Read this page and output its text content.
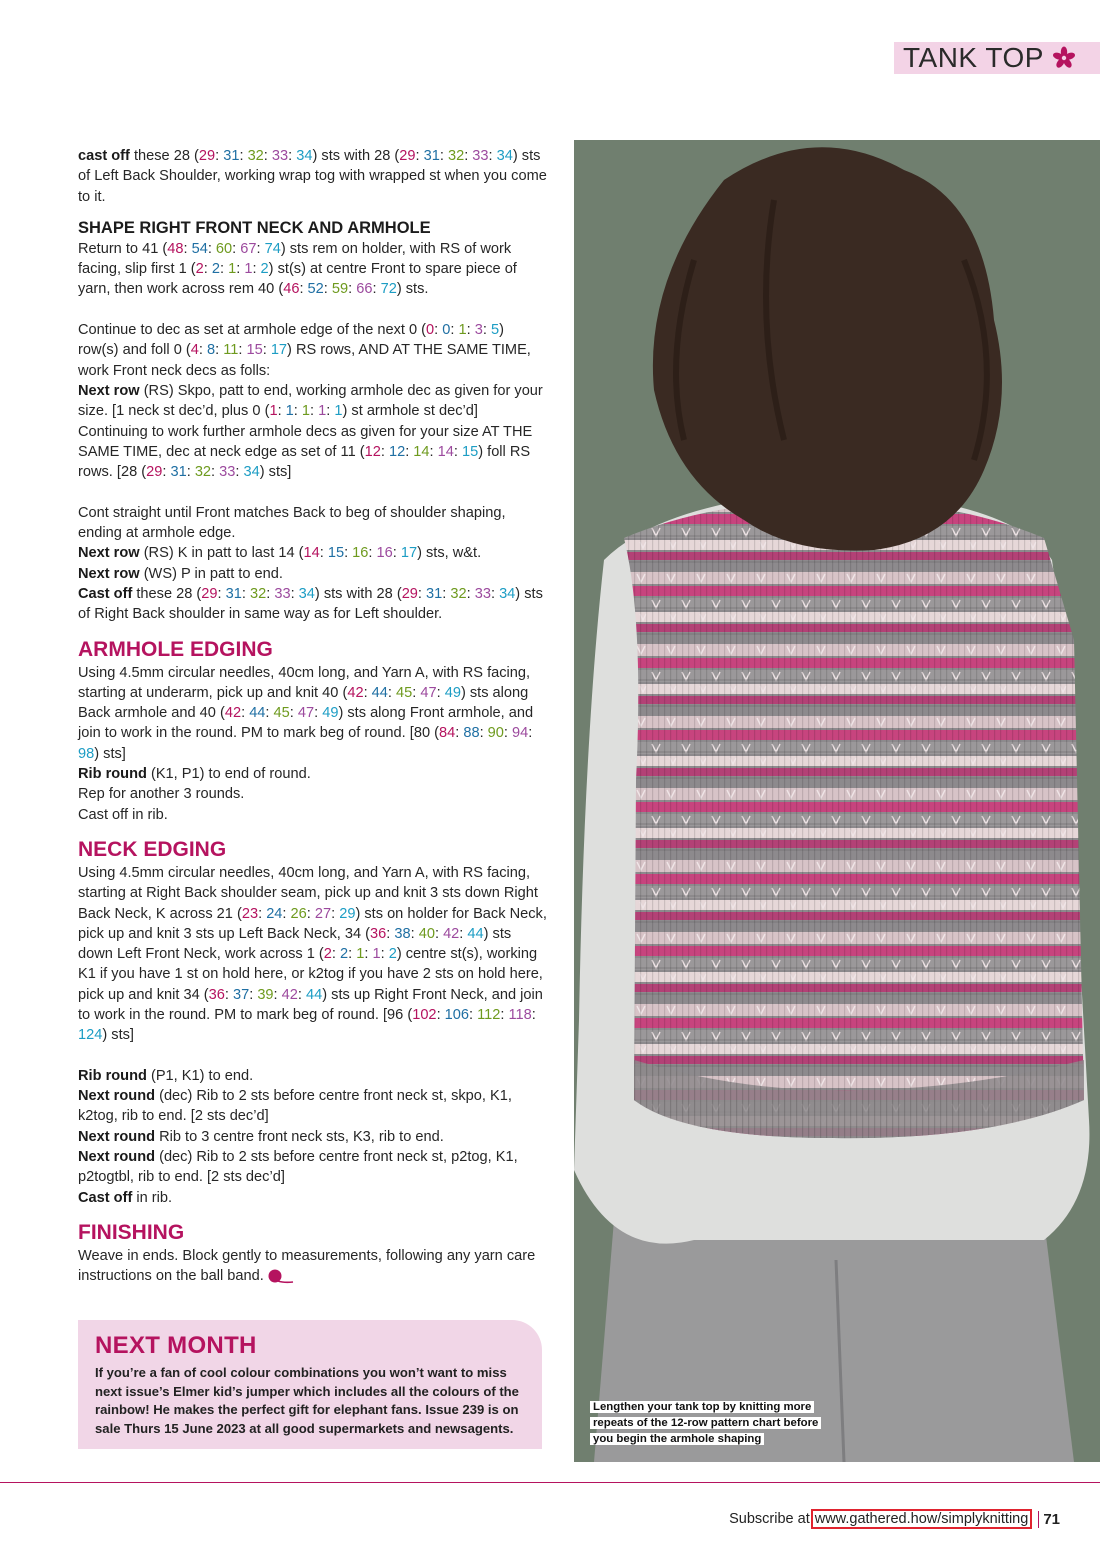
TANK TOP

cast off these 28 (29: 31: 32: 33: 34) sts with 28 (29: 31: 32: 33: 34) sts of Left Back Shoulder, working wrap tog with wrapped st when you come to it.

SHAPE RIGHT FRONT NECK AND ARMHOLE

Return to 41 (48: 54: 60: 67: 74) sts rem on holder, with RS of work facing, slip first 1 (2: 2: 1: 1: 2) st(s) at centre Front to spare piece of yarn, then work across rem 40 (46: 52: 59: 66: 72) sts.

Continue to dec as set at armhole edge of the next 0 (0: 0: 1: 3: 5) row(s) and foll 0 (4: 8: 11: 15: 17) RS rows, AND AT THE SAME TIME, work Front neck decs as folls:

Next row (RS) Skpo, patt to end, working armhole dec as given for your size. [1 neck st dec’d, plus 0 (1: 1: 1: 1: 1) st armhole st dec’d]

Continuing to work further armhole decs as given for your size AT THE SAME TIME, dec at neck edge as set of 11 (12: 12: 14: 14: 15) foll RS rows. [28 (29: 31: 32: 33: 34) sts]

Cont straight until Front matches Back to beg of shoulder shaping, ending at armhole edge.

Next row (RS) K in patt to last 14 (14: 15: 16: 16: 17) sts, w&t.

Next row (WS) P in patt to end.

Cast off these 28 (29: 31: 32: 33: 34) sts with 28 (29: 31: 32: 33: 34) sts of Right Back shoulder in same way as for Left shoulder.

ARMHOLE EDGING

Using 4.5mm circular needles, 40cm long, and Yarn A, with RS facing, starting at underarm, pick up and knit 40 (42: 44: 45: 47: 49) sts along Back armhole and 40 (42: 44: 45: 47: 49) sts along Front armhole, and join to work in the round. PM to mark beg of round. [80 (84: 88: 90: 94: 98) sts]

Rib round (K1, P1) to end of round.

Rep for another 3 rounds.

Cast off in rib.

NECK EDGING

Using 4.5mm circular needles, 40cm long, and Yarn A, with RS facing, starting at Right Back shoulder seam, pick up and knit 3 sts down Right Back Neck, K across 21 (23: 24: 26: 27: 29) sts on holder for Back Neck, pick up and knit 3 sts up Left Back Neck, 34 (36: 38: 40: 42: 44) sts down Left Front Neck, work across 1 (2: 2: 1: 1: 2) centre st(s), working K1 if you have 1 st on hold here, or k2tog if you have 2 sts on hold here, pick up and knit 34 (36: 37: 39: 42: 44) sts up Right Front Neck, and join to work in the round. PM to mark beg of round. [96 (102: 106: 112: 118: 124) sts]

Rib round (P1, K1) to end.

Next round (dec) Rib to 2 sts before centre front neck st, skpo, K1, k2tog, rib to end. [2 sts dec’d]

Next round Rib to 3 centre front neck sts, K3, rib to end.

Next round (dec) Rib to 2 sts before centre front neck st, p2tog, K1, p2togtbl, rib to end. [2 sts dec’d]

Cast off in rib.

FINISHING

Weave in ends. Block gently to measurements, following any yarn care instructions on the ball band.

NEXT MONTH
If you’re a fan of cool colour combinations you won’t want to miss next issue’s Elmer kid’s jumper which includes all the colours of the rainbow! He makes the perfect gift for elephant fans. Issue 239 is on sale Thurs 15 June 2023 at all good supermarkets and newsagents.
Lengthen your tank top by knitting more repeats of the 12-row pattern chart before you begin the armhole shaping
Subscribe at www.gathered.how/simplyknitting	71
